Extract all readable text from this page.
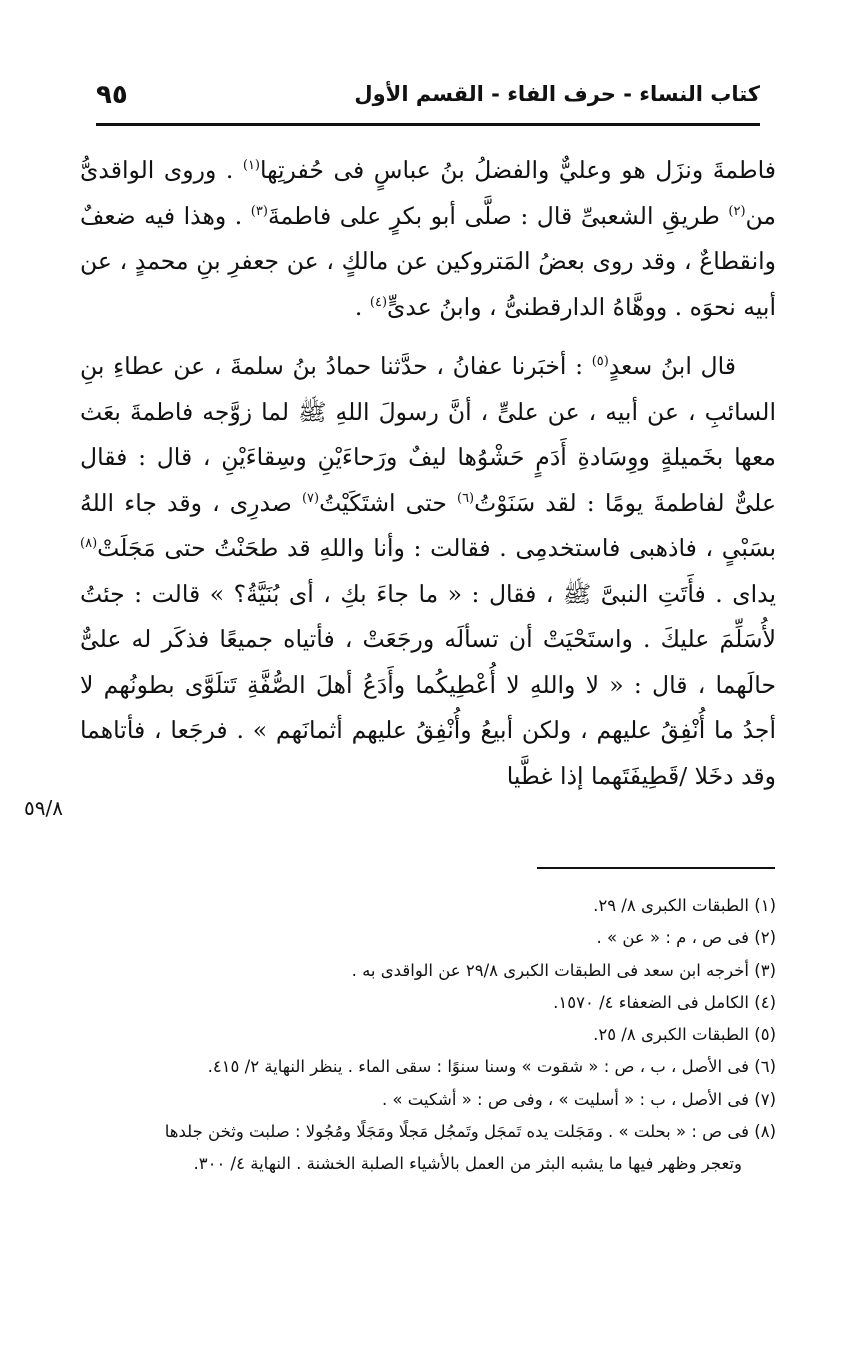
٩٥	كتاب النساء - حرف الفاء - القسم الأول

فاطمةَ ونزَل هو وعليٌّ والفضلُ بنُ عباسٍ فى حُفرتِها$^{(١)}$ . وروى الواقدىُّ من$^{(٢)}$ طريقِ الشعبىِّ قال : صلَّى أبو بكرٍ على فاطمةَ$^{(٣)}$ . وهذا فيه ضعفٌ وانقطاعٌ ، وقد روى بعضُ المَتروكين عن مالكٍ ، عن جعفرِ بنِ محمدٍ ، عن أبيه نحوَه . ووهَّاهُ الدارقطنىُّ ، وابنُ عدىٍّ$^{(٤)}$ .

قال ابنُ سعدٍ$^{(٥)}$ : أخبَرنا عفانُ ، حدَّثنا حمادُ بنُ سلمةَ ، عن عطاءِ بنِ السائبِ ، عن أبيه ، عن علىٍّ ، أنَّ رسولَ اللهِ ﷺ لما زوَّجه فاطمةَ بعَث معها بخَميلةٍ ووِسَادةِ أَدَمٍ حَشْوُها ليفٌ ورَحاءَيْنِ وسِقاءَيْنِ ، قال : فقال علىٌّ لفاطمةَ يومًا : لقد سَنَوْتُ$^{(٦)}$ حتى اشتَكَيْتُ$^{(٧)}$ صدرِى ، وقد جاء اللهُ بسَبْىٍ ، فاذهبى فاستخدمِى . فقالت : وأنا واللهِ قد طحَنْتُ حتى مَجَلَتْ$^{(٨)}$ يداى . فأَتَتِ النبىَّ ﷺ ، فقال : « ما جاءَ بكِ ، أى بُنَيَّةُ؟ » قالت : جئتُ لأُسَلِّمَ عليكَ . واستَحْيَتْ أن تسألَه ورجَعَتْ ، فأتياه جميعًا فذكَر له علىٌّ حالَهما ، قال : « لا واللهِ لا أُعْطِيكُما وأَدَعُ أهلَ الصُّفَّةِ تَتلَوَّى بطونُهم لا أجدُ ما أُنْفِقُ عليهم ، ولكن أبيعُ وأُنْفِقُ عليهم أثمانَهم » . فرجَعا ، فأتاهما وقد دخَلا /قَطِيفَتَهما إذا غطَّيا

٥٩/٨
(١) الطبقات الكبرى ٨/ ٢٩.
(٢) فى ص ، م : « عن » .
(٣) أخرجه ابن سعد فى الطبقات الكبرى ٢٩/٨ عن الواقدى به .
(٤) الكامل فى الضعفاء ٤/ ١٥٧٠.
(٥) الطبقات الكبرى ٨/ ٢٥.
(٦) فى الأصل ، ب ، ص : « شقوت » وسنا سنوًا : سقى الماء . ينظر النهاية ٢/ ٤١٥.
(٧) فى الأصل ، ب : « أسليت » ، وفى ص : « أشكيت » .
(٨) فى ص : « بحلت » . ومَجَلت يده تَمجَل وتَمجُل مَجلًا ومَجَلًا ومُجُولا : صلبت وثخن جلدها
وتعجر وظهر فيها ما يشبه البثر من العمل بالأشياء الصلبة الخشنة . النهاية ٤/ ٣٠٠.
